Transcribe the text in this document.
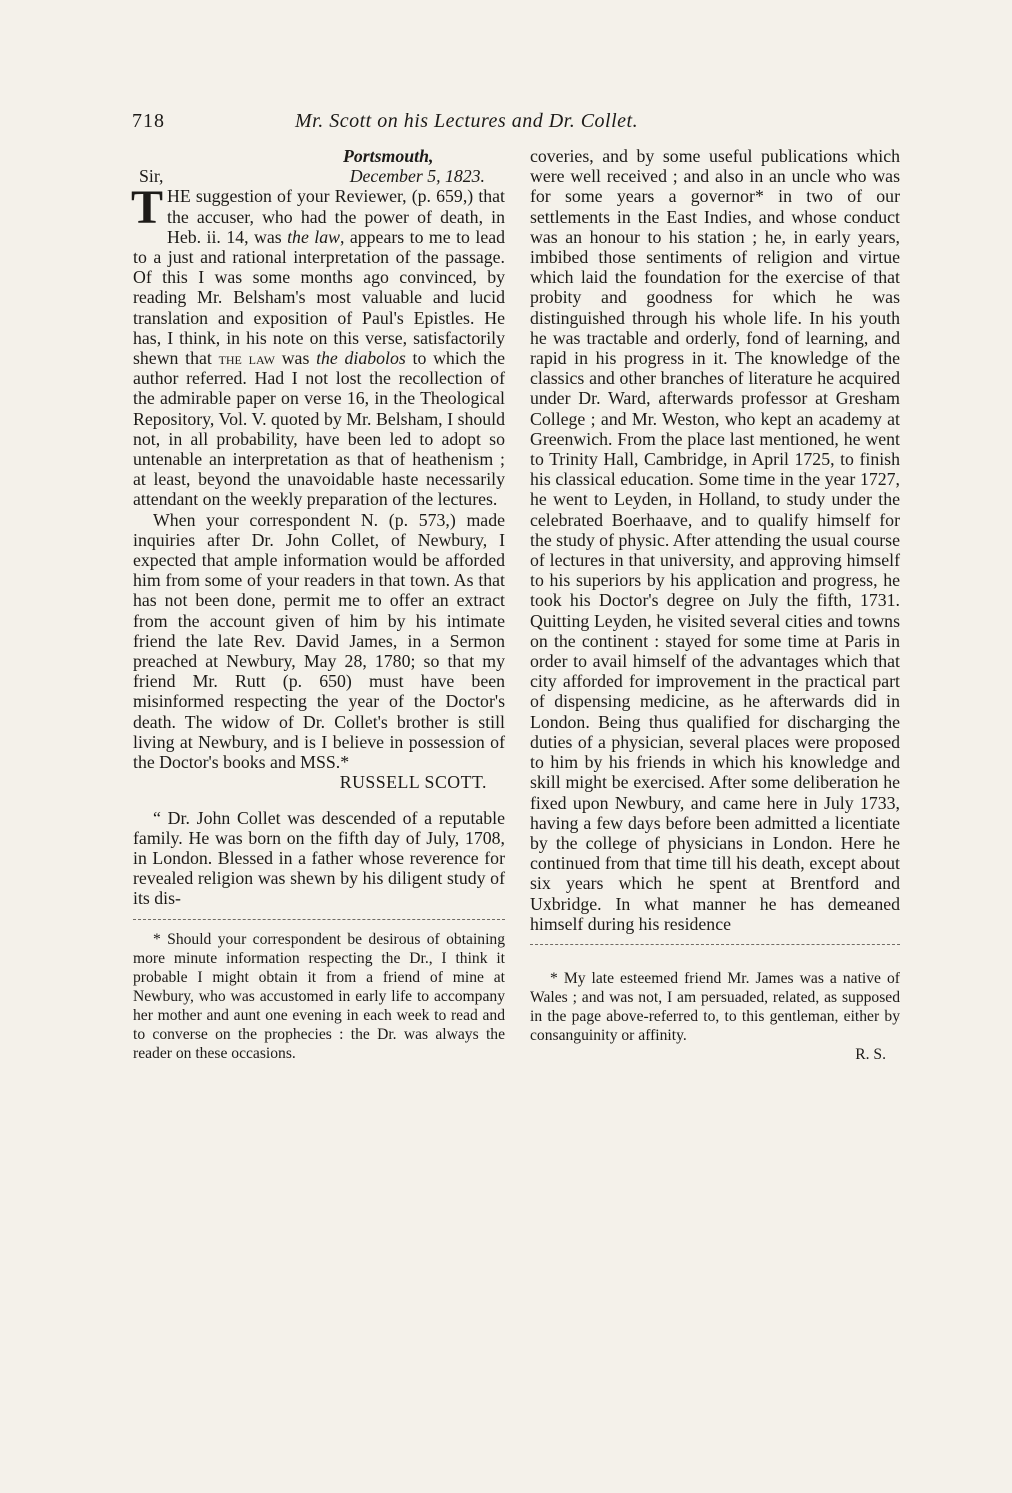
718	Mr. Scott on his Lectures and Dr. Collet.

Portsmouth,

Sir,	December 5, 1823.

THE suggestion of your Reviewer, (p. 659,) that the accuser, who had the power of death, in Heb. ii. 14, was the law, appears to me to lead to a just and rational interpretation of the passage. Of this I was some months ago convinced, by reading Mr. Belsham's most valuable and lucid translation and exposition of Paul's Epistles. He has, I think, in his note on this verse, satisfactorily shewn that the law was the diabolos to which the author referred. Had I not lost the recollection of the admirable paper on verse 16, in the Theological Repository, Vol. V. quoted by Mr. Belsham, I should not, in all probability, have been led to adopt so untenable an interpretation as that of heathenism ; at least, beyond the unavoidable haste necessarily attendant on the weekly preparation of the lectures.

When your correspondent N. (p. 573,) made inquiries after Dr. John Collet, of Newbury, I expected that ample information would be afforded him from some of your readers in that town. As that has not been done, permit me to offer an extract from the account given of him by his intimate friend the late Rev. David James, in a Sermon preached at Newbury, May 28, 1780; so that my friend Mr. Rutt (p. 650) must have been misinformed respecting the year of the Doctor's death. The widow of Dr. Collet's brother is still living at Newbury, and is I believe in possession of the Doctor's books and MSS.*

RUSSELL SCOTT.

“ Dr. John Collet was descended of a reputable family. He was born on the fifth day of July, 1708, in London. Blessed in a father whose reverence for revealed religion was shewn by his diligent study of its dis-

* Should your correspondent be desirous of obtaining more minute information respecting the Dr., I think it probable I might obtain it from a friend of mine at Newbury, who was accustomed in early life to accompany her mother and aunt one evening in each week to read and to converse on the prophecies : the Dr. was always the reader on these occasions.

coveries, and by some useful publications which were well received ; and also in an uncle who was for some years a governor* in two of our settlements in the East Indies, and whose conduct was an honour to his station ; he, in early years, imbibed those sentiments of religion and virtue which laid the foundation for the exercise of that probity and goodness for which he was distinguished through his whole life. In his youth he was tractable and orderly, fond of learning, and rapid in his progress in it. The knowledge of the classics and other branches of literature he acquired under Dr. Ward, afterwards professor at Gresham College ; and Mr. Weston, who kept an academy at Greenwich. From the place last mentioned, he went to Trinity Hall, Cambridge, in April 1725, to finish his classical education. Some time in the year 1727, he went to Leyden, in Holland, to study under the celebrated Boerhaave, and to qualify himself for the study of physic. After attending the usual course of lectures in that university, and approving himself to his superiors by his application and progress, he took his Doctor's degree on July the fifth, 1731. Quitting Leyden, he visited several cities and towns on the continent : stayed for some time at Paris in order to avail himself of the advantages which that city afforded for improvement in the practical part of dispensing medicine, as he afterwards did in London. Being thus qualified for discharging the duties of a physician, several places were proposed to him by his friends in which his knowledge and skill might be exercised. After some deliberation he fixed upon Newbury, and came here in July 1733, having a few days before been admitted a licentiate by the college of physicians in London. Here he continued from that time till his death, except about six years which he spent at Brentford and Uxbridge. In what manner he has demeaned himself during his residence

* My late esteemed friend Mr. James was a native of Wales ; and was not, I am persuaded, related, as supposed in the page above-referred to, to this gentleman, either by consanguinity or affinity.

R. S.
